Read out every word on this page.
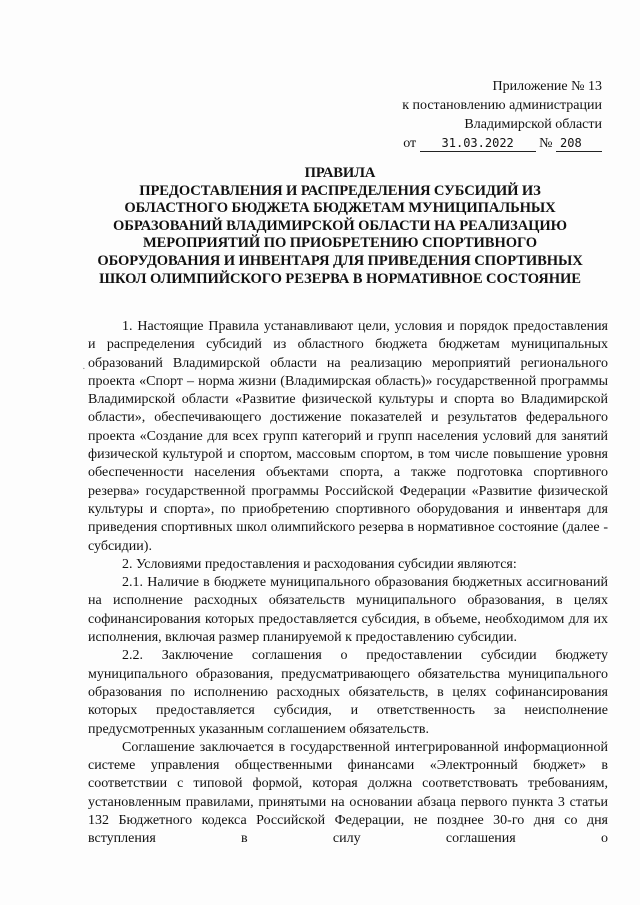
Приложение № 13
к постановлению администрации
Владимирской области
от 31.03.2022 № 208
ПРАВИЛА
ПРЕДОСТАВЛЕНИЯ И РАСПРЕДЕЛЕНИЯ СУБСИДИЙ ИЗ
ОБЛАСТНОГО БЮДЖЕТА БЮДЖЕТАМ МУНИЦИПАЛЬНЫХ
ОБРАЗОВАНИЙ ВЛАДИМИРСКОЙ ОБЛАСТИ НА РЕАЛИЗАЦИЮ
МЕРОПРИЯТИЙ ПО ПРИОБРЕТЕНИЮ СПОРТИВНОГО
ОБОРУДОВАНИЯ И ИНВЕНТАРЯ ДЛЯ ПРИВЕДЕНИЯ СПОРТИВНЫХ
ШКОЛ ОЛИМПИЙСКОГО РЕЗЕРВА В НОРМАТИВНОЕ СОСТОЯНИЕ
·

1. Настоящие Правила устанавливают цели, условия и порядок предоставления и распределения субсидий из областного бюджета бюджетам муниципальных образований Владимирской области на реализацию мероприятий регионального проекта «Спорт – норма жизни (Владимирская область)» государственной программы Владимирской области «Развитие физической культуры и спорта во Владимирской области», обеспечивающего достижение показателей и результатов федерального проекта «Создание для всех групп категорий и групп населения условий для занятий физической культурой и спортом, массовым спортом, в том числе повышение уровня обеспеченности населения объектами спорта, а также подготовка спортивного резерва» государственной программы Российской Федерации «Развитие физической культуры и спорта», по приобретению спортивного оборудования и инвентаря для приведения спортивных школ олимпийского резерва в нормативное состояние (далее - субсидии).

2. Условиями предоставления и расходования субсидии являются:

2.1. Наличие в бюджете муниципального образования бюджетных ассигнований на исполнение расходных обязательств муниципального образования, в целях софинансирования которых предоставляется субсидия, в объеме, необходимом для их исполнения, включая размер планируемой к предоставлению субсидии.

2.2. Заключение соглашения о предоставлении субсидии бюджету муниципального образования, предусматривающего обязательства муниципального образования по исполнению расходных обязательств, в целях софинансирования которых предоставляется субсидия, и ответственность за неисполнение предусмотренных указанным соглашением обязательств.

Соглашение заключается в государственной интегрированной информационной системе управления общественными финансами «Электронный бюджет» в соответствии с типовой формой, которая должна соответствовать требованиям, установленным правилами, принятыми на основании абзаца первого пункта 3 статьи 132 Бюджетного кодекса Российской Федерации, не позднее 30-го дня со дня вступления в силу соглашения о
